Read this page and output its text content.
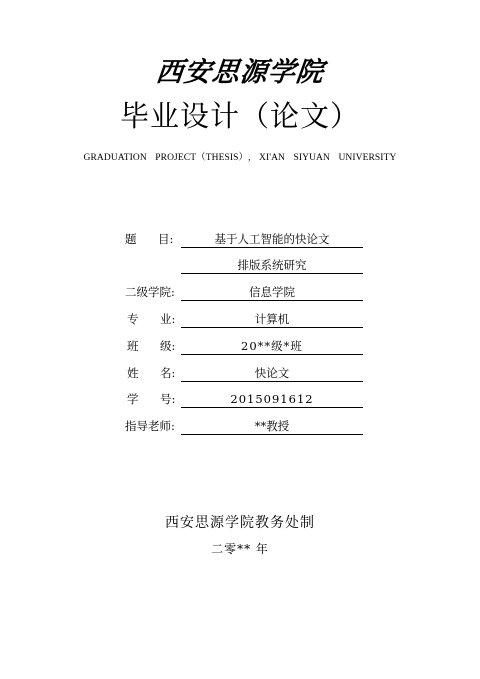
西安思源学院
毕业设计（论文）
GRADUATION PROJECT（THESIS）, XI'AN SIYUAN UNIVERSITY
题 目:	基于人工智能的快论文
排版系统研究
二级学院:	信息学院
专 业:	计算机
班 级:	20**级*班
姓 名:	快论文
学 号:	2015091612
指导老师:	**教授
西安思源学院教务处制
二零** 年
